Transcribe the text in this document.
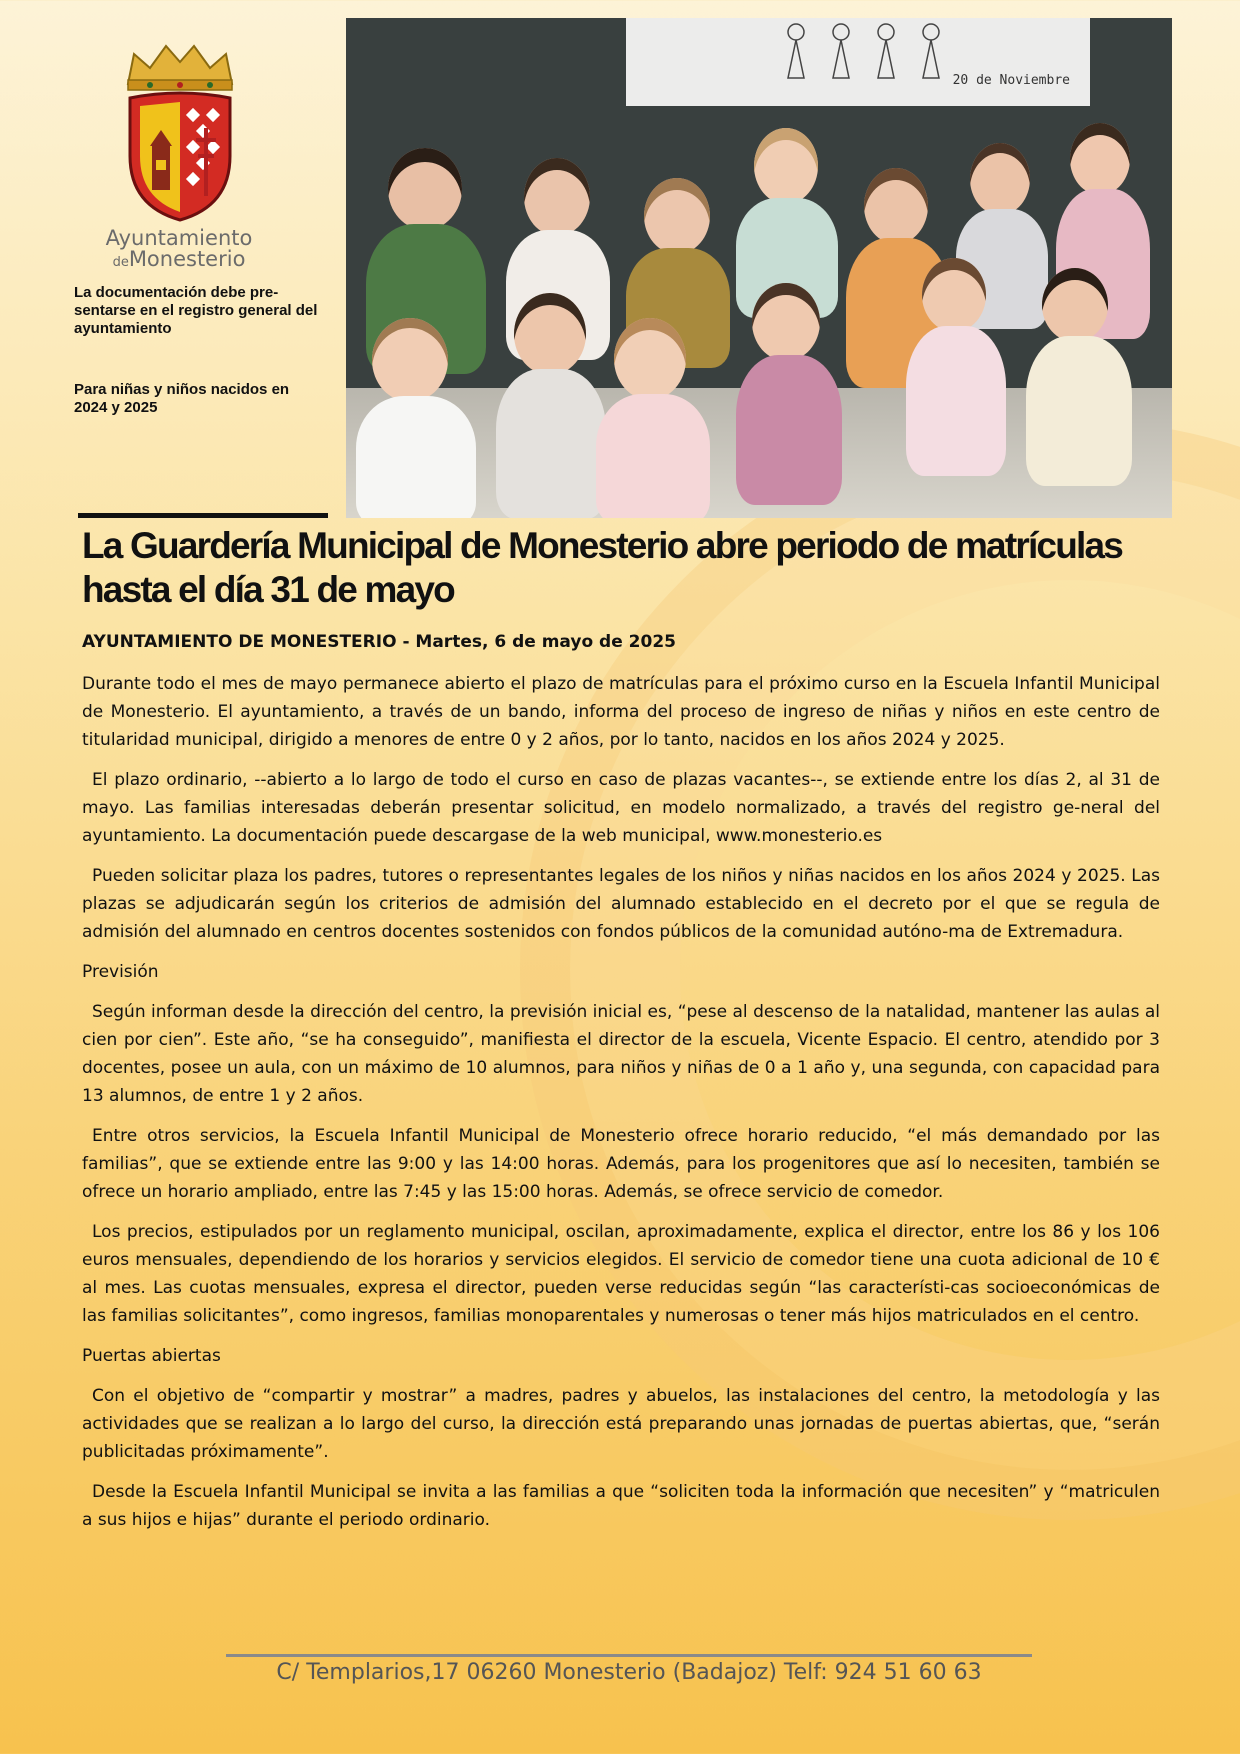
Ayuntamiento
deMonesterio
La documentación debe pre-sentarse en el registro general del ayuntamiento
Para niñas y niños nacidos en 2024 y 2025
20 de Noviembre
La Guardería Municipal de Monesterio abre periodo de matrículas hasta el día 31 de mayo

AYUNTAMIENTO DE MONESTERIO - Martes, 6 de mayo de 2025

Durante todo el mes de mayo permanece abierto el plazo de matrículas para el próximo curso en la Escuela Infantil Municipal de Monesterio. El ayuntamiento, a través de un bando, informa del proceso de ingreso de niñas y niños en este centro de titularidad municipal, dirigido a menores de entre 0 y 2 años, por lo tanto, nacidos en los años 2024 y 2025.

El plazo ordinario, --abierto a lo largo de todo el curso en caso de plazas vacantes--, se extiende entre los días 2, al 31 de mayo. Las familias interesadas deberán presentar solicitud, en modelo normalizado, a través del registro ge-neral del ayuntamiento. La documentación puede descargase de la web municipal, www.monesterio.es

Pueden solicitar plaza los padres, tutores o representantes legales de los niños y niñas nacidos en los años 2024 y 2025. Las plazas se adjudicarán según los criterios de admisión del alumnado establecido en el decreto por el que se regula de admisión del alumnado en centros docentes sostenidos con fondos públicos de la comunidad autóno-ma de Extremadura.

Previsión

Según informan desde la dirección del centro, la previsión inicial es, “pese al descenso de la natalidad, mantener las aulas al cien por cien”. Este año, “se ha conseguido”, manifiesta el director de la escuela, Vicente Espacio. El centro, atendido por 3 docentes, posee un aula, con un máximo de 10 alumnos, para niños y niñas de 0 a 1 año y, una segunda, con capacidad para 13 alumnos, de entre 1 y 2 años.

Entre otros servicios, la Escuela Infantil Municipal de Monesterio ofrece horario reducido, “el más demandado por las familias”, que se extiende entre las 9:00 y las 14:00 horas. Además, para los progenitores que así lo necesiten, también se ofrece un horario ampliado, entre las 7:45 y las 15:00 horas. Además, se ofrece servicio de comedor.

Los precios, estipulados por un reglamento municipal, oscilan, aproximadamente, explica el director, entre los 86 y los 106 euros mensuales, dependiendo de los horarios y servicios elegidos. El servicio de comedor tiene una cuota adicional de 10 € al mes. Las cuotas mensuales, expresa el director, pueden verse reducidas según “las característi-cas socioeconómicas de las familias solicitantes”, como ingresos, familias monoparentales y numerosas o tener más hijos matriculados en el centro.

Puertas abiertas

Con el objetivo de “compartir y mostrar” a madres, padres y abuelos, las instalaciones del centro, la metodología y las actividades que se realizan a lo largo del curso, la dirección está preparando unas jornadas de puertas abiertas, que, “serán publicitadas próximamente”.

Desde la Escuela Infantil Municipal se invita a las familias a que “soliciten toda la información que necesiten” y “matriculen a sus hijos e hijas” durante el periodo ordinario.

C/ Templarios,17 06260 Monesterio (Badajoz) Telf: 924 51 60 63
